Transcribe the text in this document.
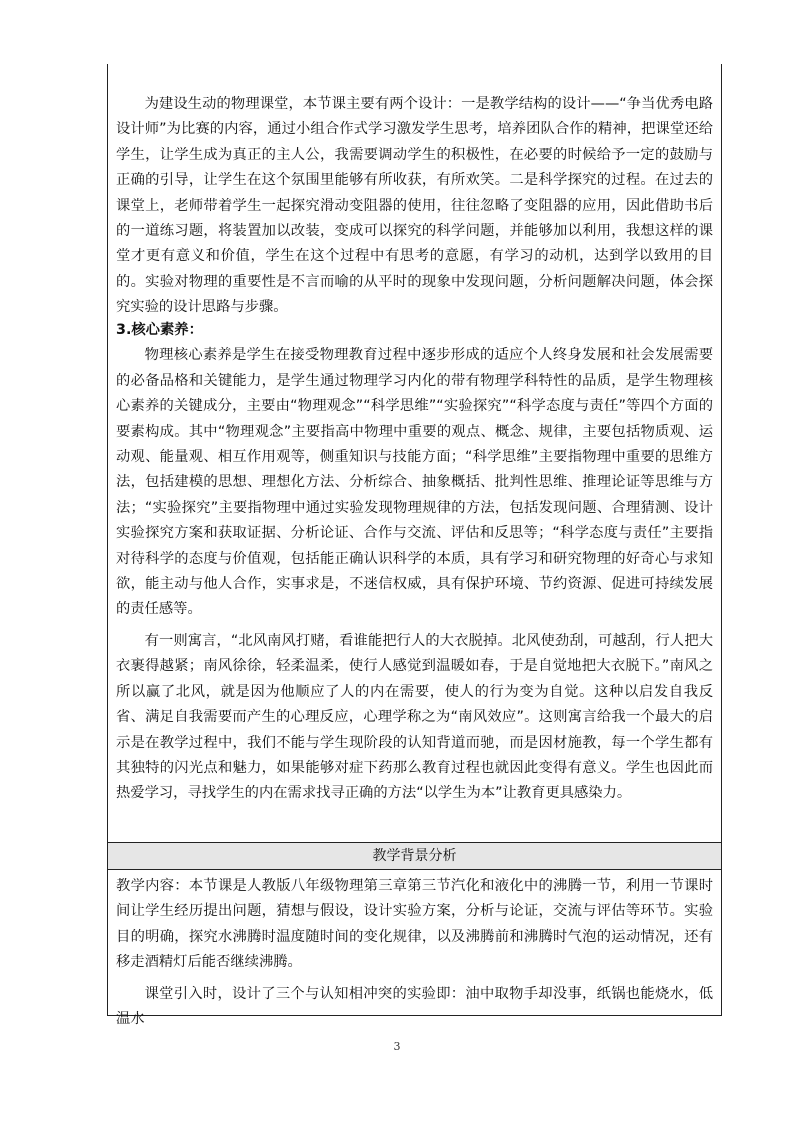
为建设生动的物理课堂，本节课主要有两个设计：一是教学结构的设计——“争当优秀电路设计师”为比赛的内容，通过小组合作式学习激发学生思考，培养团队合作的精神，把课堂还给学生，让学生成为真正的主人公，我需要调动学生的积极性，在必要的时候给予一定的鼓励与正确的引导，让学生在这个氛围里能够有所收获，有所欢笑。二是科学探究的过程。在过去的课堂上，老师带着学生一起探究滑动变阻器的使用，往往忽略了变阻器的应用，因此借助书后的一道练习题，将装置加以改装，变成可以探究的科学问题，并能够加以利用，我想这样的课堂才更有意义和价值，学生在这个过程中有思考的意愿，有学习的动机，达到学以致用的目的。实验对物理的重要性是不言而喻的从平时的现象中发现问题，分析问题解决问题，体会探究实验的设计思路与步骤。

3.核心素养：

物理核心素养是学生在接受物理教育过程中逐步形成的适应个人终身发展和社会发展需要的必备品格和关键能力，是学生通过物理学习内化的带有物理学科特性的品质，是学生物理核心素养的关键成分，主要由“物理观念”“科学思维”“实验探究”“科学态度与责任”等四个方面的要素构成。其中“物理观念”主要指高中物理中重要的观点、概念、规律，主要包括物质观、运动观、能量观、相互作用观等，侧重知识与技能方面；“科学思维”主要指物理中重要的思维方法，包括建模的思想、理想化方法、分析综合、抽象概括、批判性思维、推理论证等思维与方法；“实验探究”主要指物理中通过实验发现物理规律的方法，包括发现问题、合理猜测、设计实验探究方案和获取证据、分析论证、合作与交流、评估和反思等；“科学态度与责任”主要指对待科学的态度与价值观，包括能正确认识科学的本质，具有学习和研究物理的好奇心与求知欲，能主动与他人合作，实事求是，不迷信权威，具有保护环境、节约资源、促进可持续发展的责任感等。

有一则寓言，“北风南风打赌，看谁能把行人的大衣脱掉。北风使劲刮，可越刮，行人把大衣裹得越紧；南风徐徐，轻柔温柔，使行人感觉到温暖如春，于是自觉地把大衣脱下。”南风之所以赢了北风，就是因为他顺应了人的内在需要，使人的行为变为自觉。这种以启发自我反省、满足自我需要而产生的心理反应，心理学称之为“南风效应”。这则寓言给我一个最大的启示是在教学过程中，我们不能与学生现阶段的认知背道而驰，而是因材施教，每一个学生都有其独特的闪光点和魅力，如果能够对症下药那么教育过程也就因此变得有意义。学生也因此而热爱学习，寻找学生的内在需求找寻正确的方法“以学生为本”让教育更具感染力。

教学背景分析

教学内容：本节课是人教版八年级物理第三章第三节汽化和液化中的沸腾一节，利用一节课时间让学生经历提出问题，猜想与假设，设计实验方案，分析与论证，交流与评估等环节。实验目的明确，探究水沸腾时温度随时间的变化规律，以及沸腾前和沸腾时气泡的运动情况，还有移走酒精灯后能否继续沸腾。

课堂引入时，设计了三个与认知相冲突的实验即：油中取物手却没事，纸锅也能烧水，低温水

3
